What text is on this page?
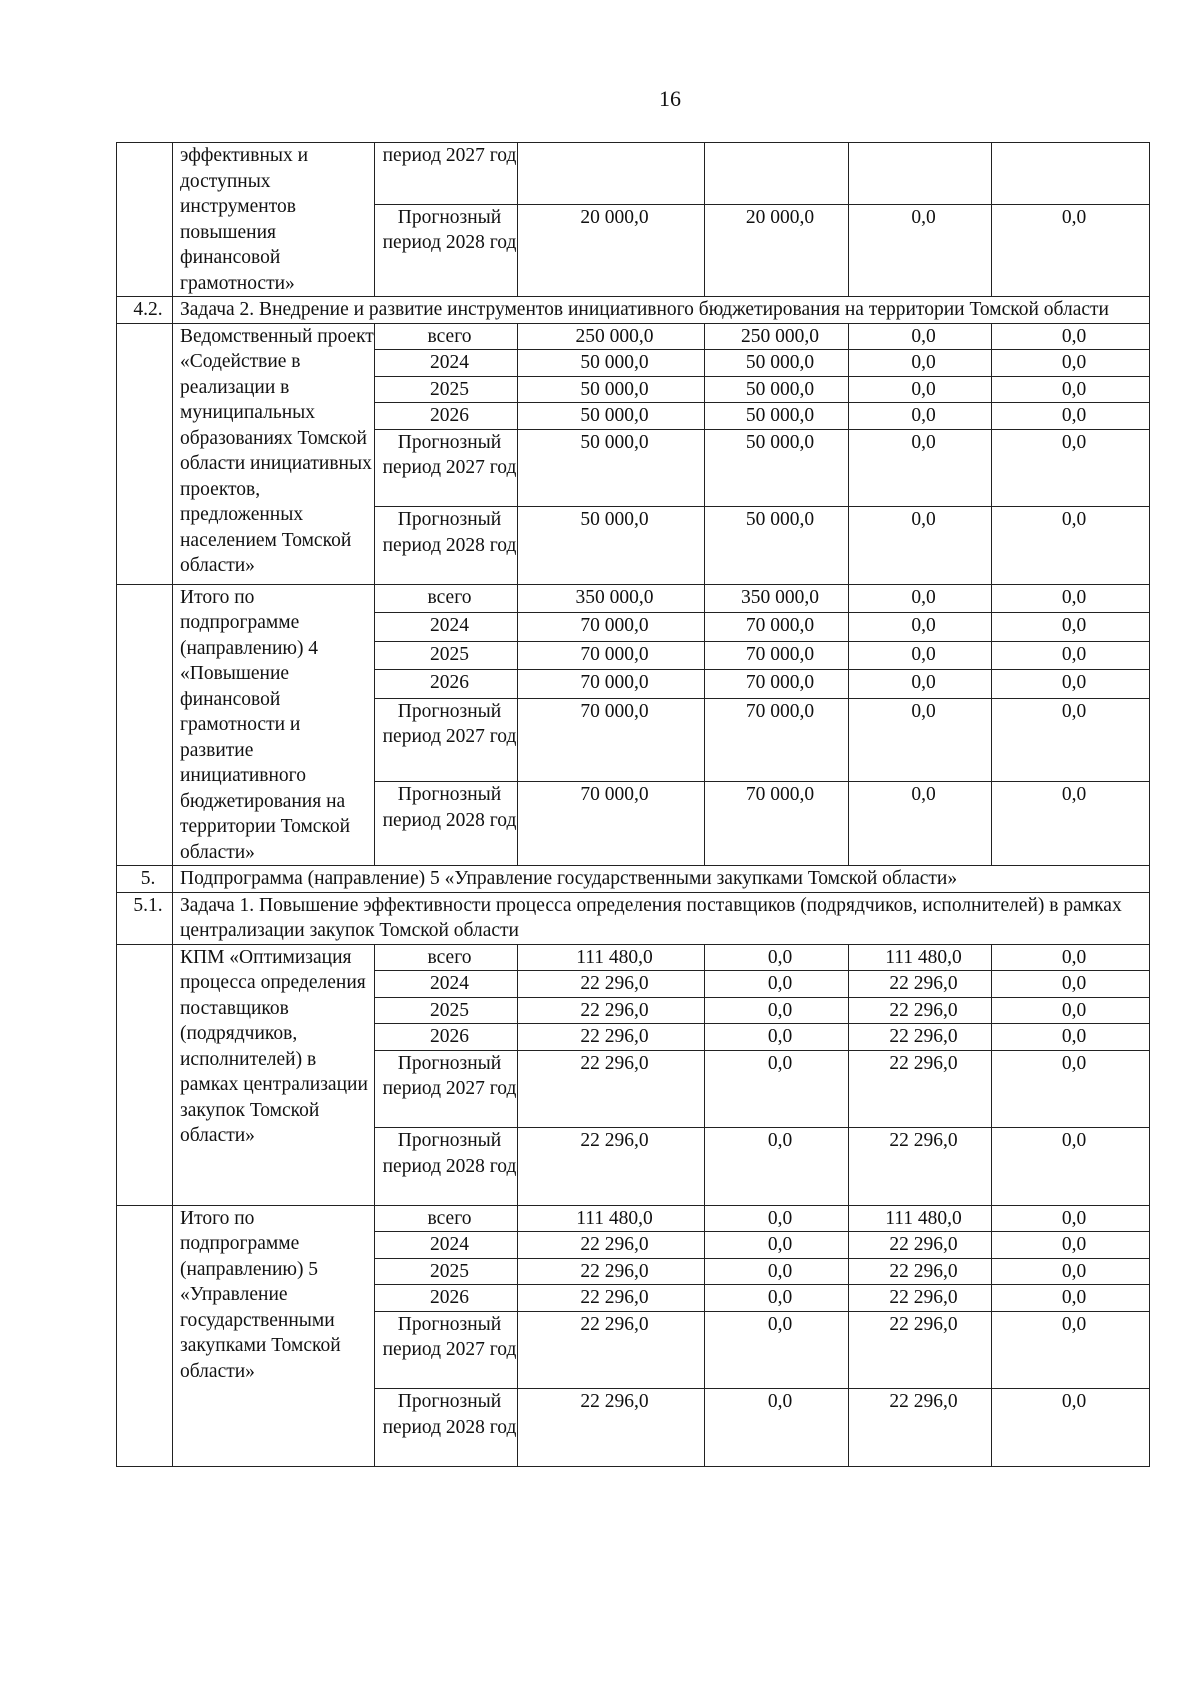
16
	эффективных и доступных инструментов повышения финансовой грамотности»	период 2027 год				
		Прогнозный период 2028 год	20 000,0	20 000,0	0,0	0,0
4.2.	Задача 2. Внедрение и развитие инструментов инициативного бюджетирования на территории Томской области					
	Ведомственный проект «Содействие в реализации в муниципальных образованиях Томской области инициативных проектов, предложенных населением Томской области»	всего	250 000,0	250 000,0	0,0	0,0
		2024	50 000,0	50 000,0	0,0	0,0
		2025	50 000,0	50 000,0	0,0	0,0
		2026	50 000,0	50 000,0	0,0	0,0
		Прогнозный период 2027 год	50 000,0	50 000,0	0,0	0,0
		Прогнозный период 2028 год	50 000,0	50 000,0	0,0	0,0
	Итого по подпрограмме (направлению) 4 «Повышение финансовой грамотности и развитие инициативного бюджетирования на территории Томской области»	всего	350 000,0	350 000,0	0,0	0,0
		2024	70 000,0	70 000,0	0,0	0,0
		2025	70 000,0	70 000,0	0,0	0,0
		2026	70 000,0	70 000,0	0,0	0,0
		Прогнозный период 2027 год	70 000,0	70 000,0	0,0	0,0
		Прогнозный период 2028 год	70 000,0	70 000,0	0,0	0,0
5.	Подпрограмма (направление) 5 «Управление государственными закупками Томской области»					
5.1.	Задача 1. Повышение эффективности процесса определения поставщиков (подрядчиков, исполнителей) в рамках централизации закупок Томской области					
	КПМ «Оптимизация процесса определения поставщиков (подрядчиков, исполнителей) в рамках централизации закупок Томской области»	всего	111 480,0	0,0	111 480,0	0,0
		2024	22 296,0	0,0	22 296,0	0,0
		2025	22 296,0	0,0	22 296,0	0,0
		2026	22 296,0	0,0	22 296,0	0,0
		Прогнозный период 2027 год	22 296,0	0,0	22 296,0	0,0
		Прогнозный период 2028 год	22 296,0	0,0	22 296,0	0,0
	Итого по подпрограмме (направлению) 5 «Управление государственными закупками Томской области»	всего	111 480,0	0,0	111 480,0	0,0
		2024	22 296,0	0,0	22 296,0	0,0
		2025	22 296,0	0,0	22 296,0	0,0
		2026	22 296,0	0,0	22 296,0	0,0
		Прогнозный период 2027 год	22 296,0	0,0	22 296,0	0,0
		Прогнозный период 2028 год	22 296,0	0,0	22 296,0	0,0
